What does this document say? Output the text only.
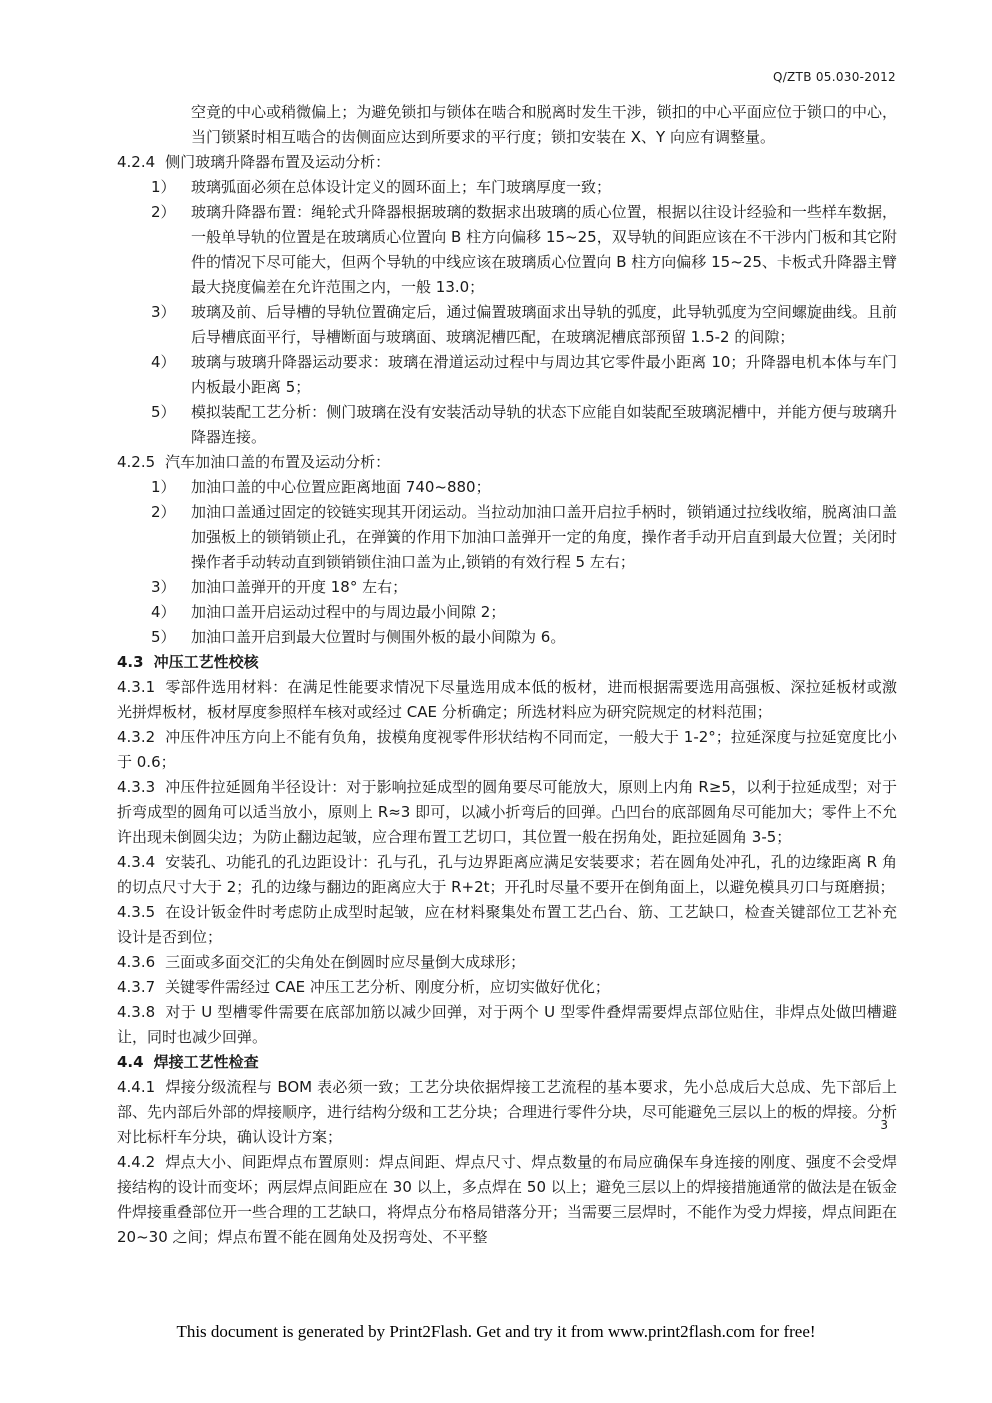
Q/ZTB 05.030-2012

空竟的中心或稍微偏上；为避免锁扣与锁体在啮合和脱离时发生干涉，锁扣的中心平面应位于锁口的中心，当门锁紧时相互啮合的齿侧面应达到所要求的平行度；锁扣安装在 X、Y 向应有调整量。

4.2.4 侧门玻璃升降器布置及运动分析：
1）	玻璃弧面必须在总体设计定义的圆环面上；车门玻璃厚度一致；
2）	玻璃升降器布置：绳轮式升降器根据玻璃的数据求出玻璃的质心位置，根据以往设计经验和一些样车数据，一般单导轨的位置是在玻璃质心位置向 B 柱方向偏移 15~25，双导轨的间距应该在不干涉内门板和其它附件的情况下尽可能大，但两个导轨的中线应该在玻璃质心位置向 B 柱方向偏移 15~25、卡板式升降器主臂最大挠度偏差在允许范围之内，一般 13.0；
3）	玻璃及前、后导槽的导轨位置确定后，通过偏置玻璃面求出导轨的弧度，此导轨弧度为空间螺旋曲线。且前后导槽底面平行，导槽断面与玻璃面、玻璃泥槽匹配，在玻璃泥槽底部预留 1.5-2 的间隙；
4）	玻璃与玻璃升降器运动要求：玻璃在滑道运动过程中与周边其它零件最小距离 10；升降器电机本体与车门内板最小距离 5；
5）	模拟装配工艺分析：侧门玻璃在没有安装活动导轨的状态下应能自如装配至玻璃泥槽中，并能方便与玻璃升降器连接。
4.2.5 汽车加油口盖的布置及运动分析：
1）	加油口盖的中心位置应距离地面 740~880；
2）	加油口盖通过固定的铰链实现其开闭运动。当拉动加油口盖开启拉手柄时，锁销通过拉线收缩，脱离油口盖加强板上的锁销锁止孔，在弹簧的作用下加油口盖弹开一定的角度，操作者手动开启直到最大位置；关闭时操作者手动转动直到锁销锁住油口盖为止,锁销的有效行程 5 左右；
3）	加油口盖弹开的开度 18° 左右；
4）	加油口盖开启运动过程中的与周边最小间隙 2；
5）	加油口盖开启到最大位置时与侧围外板的最小间隙为 6。
4.3 冲压工艺性校核

4.3.1 零部件选用材料：在满足性能要求情况下尽量选用成本低的板材，进而根据需要选用高强板、深拉延板材或激光拼焊板材，板材厚度参照样车核对或经过 CAE 分析确定；所选材料应为研究院规定的材料范围；

4.3.2 冲压件冲压方向上不能有负角，拔模角度视零件形状结构不同而定，一般大于 1-2°；拉延深度与拉延宽度比小于 0.6；

4.3.3 冲压件拉延圆角半径设计：对于影响拉延成型的圆角要尽可能放大，原则上内角 R≥5，以利于拉延成型；对于折弯成型的圆角可以适当放小，原则上 R≈3 即可，以减小折弯后的回弹。凸凹台的底部圆角尽可能加大；零件上不允许出现未倒圆尖边；为防止翻边起皱，应合理布置工艺切口，其位置一般在拐角处，距拉延圆角 3-5；

4.3.4 安装孔、功能孔的孔边距设计：孔与孔，孔与边界距离应满足安装要求；若在圆角处冲孔，孔的边缘距离 R 角的切点尺寸大于 2；孔的边缘与翻边的距离应大于 R+2t；开孔时尽量不要开在倒角面上，以避免模具刃口与斑磨损；

4.3.5 在设计钣金件时考虑防止成型时起皱，应在材料聚集处布置工艺凸台、筋、工艺缺口，检查关键部位工艺补充设计是否到位；

4.3.6 三面或多面交汇的尖角处在倒圆时应尽量倒大成球形；

4.3.7 关键零件需经过 CAE 冲压工艺分析、刚度分析，应切实做好优化；

4.3.8 对于 U 型槽零件需要在底部加筋以减少回弹，对于两个 U 型零件叠焊需要焊点部位贴住，非焊点处做凹槽避让，同时也减少回弹。

4.4 焊接工艺性检查

4.4.1 焊接分级流程与 BOM 表必须一致；工艺分块依据焊接工艺流程的基本要求，先小总成后大总成、先下部后上部、先内部后外部的焊接顺序，进行结构分级和工艺分块；合理进行零件分块，尽可能避免三层以上的板的焊接。分析对比标杆车分块，确认设计方案；

4.4.2 焊点大小、间距焊点布置原则：焊点间距、焊点尺寸、焊点数量的布局应确保车身连接的刚度、强度不会受焊接结构的设计而变坏；两层焊点间距应在 30 以上，多点焊在 50 以上；避免三层以上的焊接措施通常的做法是在钣金件焊接重叠部位开一些合理的工艺缺口，将焊点分布格局错落分开；当需要三层焊时，不能作为受力焊接，焊点间距在 20~30 之间；焊点布置不能在圆角处及拐弯处、不平整

3
This document is generated by Print2Flash. Get and try it from www.print2flash.com for free!
